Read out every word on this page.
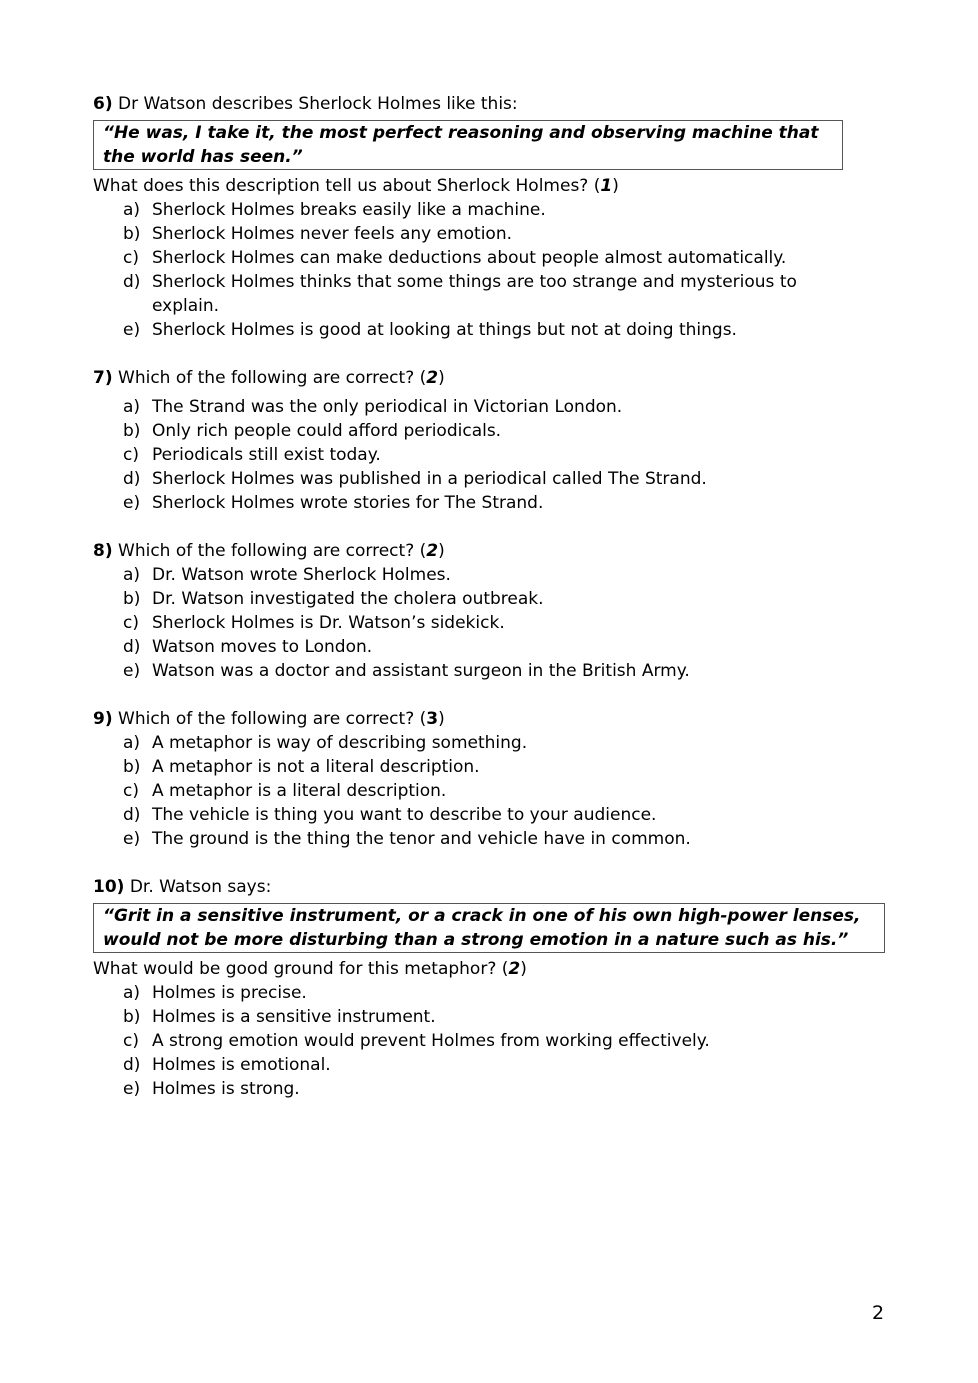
6) Dr Watson describes Sherlock Holmes like this:
“He was, I take it, the most perfect reasoning and observing machine that the world has seen.”
What does this description tell us about Sherlock Holmes? (1)
a) Sherlock Holmes breaks easily like a machine.
b) Sherlock Holmes never feels any emotion.
c) Sherlock Holmes can make deductions about people almost automatically.
d) Sherlock Holmes thinks that some things are too strange and mysterious to explain.
e) Sherlock Holmes is good at looking at things but not at doing things.
7) Which of the following are correct? (2)
a) The Strand was the only periodical in Victorian London.
b) Only rich people could afford periodicals.
c) Periodicals still exist today.
d) Sherlock Holmes was published in a periodical called The Strand.
e) Sherlock Holmes wrote stories for The Strand.
8) Which of the following are correct? (2)
a) Dr. Watson wrote Sherlock Holmes.
b) Dr. Watson investigated the cholera outbreak.
c) Sherlock Holmes is Dr. Watson’s sidekick.
d) Watson moves to London.
e) Watson was a doctor and assistant surgeon in the British Army.
9) Which of the following are correct? (3)
a) A metaphor is way of describing something.
b) A metaphor is not a literal description.
c) A metaphor is a literal description.
d) The vehicle is thing you want to describe to your audience.
e) The ground is the thing the tenor and vehicle have in common.
10) Dr. Watson says:
“Grit in a sensitive instrument, or a crack in one of his own high-power lenses, would not be more disturbing than a strong emotion in a nature such as his.”
What would be good ground for this metaphor? (2)
a) Holmes is precise.
b) Holmes is a sensitive instrument.
c) A strong emotion would prevent Holmes from working effectively.
d) Holmes is emotional.
e) Holmes is strong.
2
